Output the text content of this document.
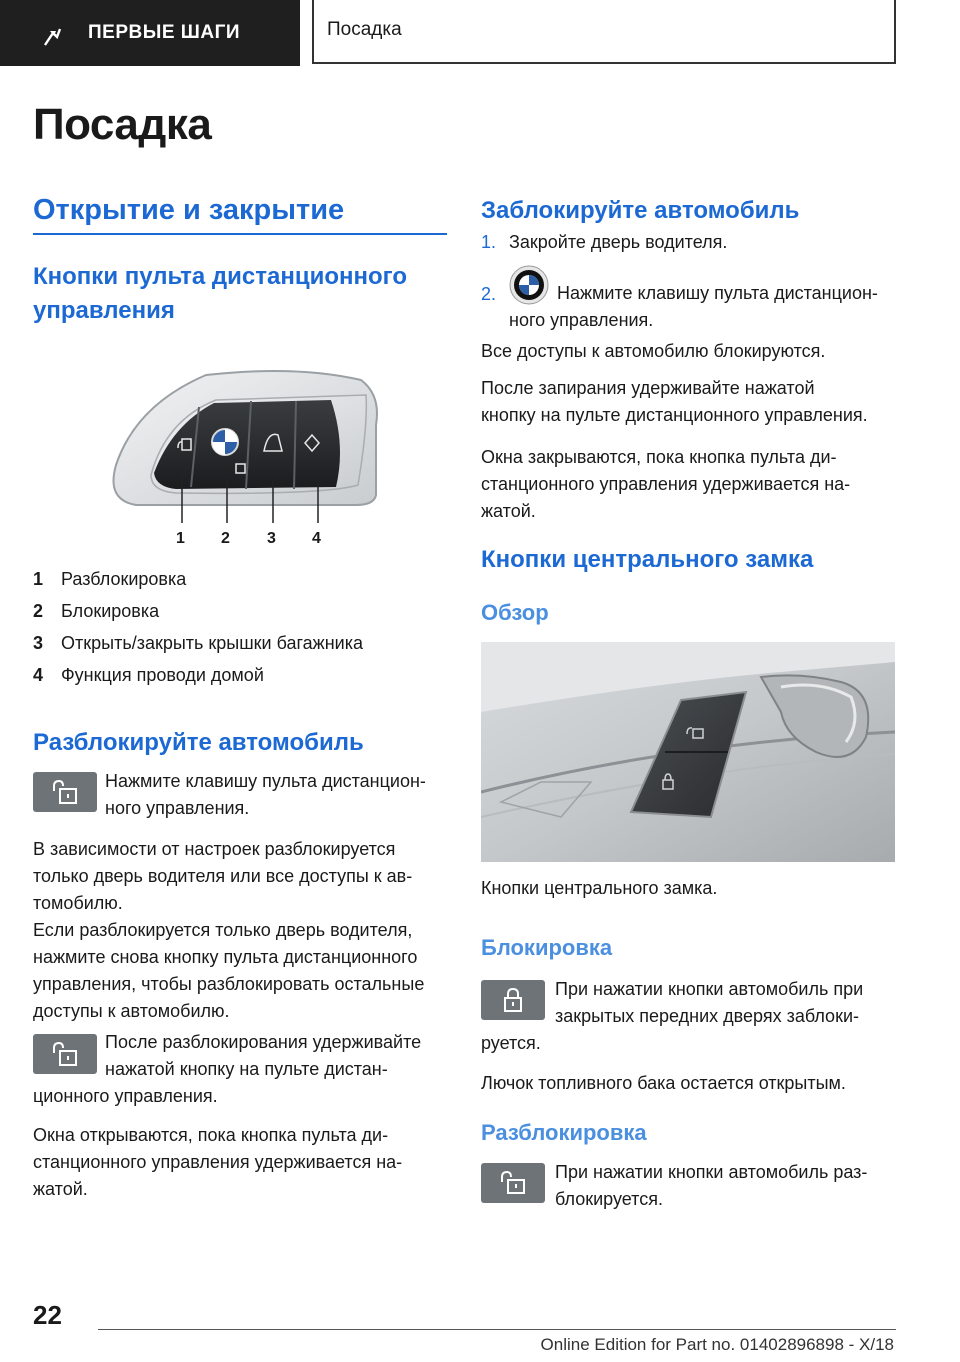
ПЕРВЫЕ ШАГИ	Посадка
Посадка
Открытие и закрытие
Кнопки пульта дистанционного
управления
1 2 3 4
1 Разблокировка
2 Блокировка
3 Открыть/закрыть крышки багажника
4 Функция проводи домой
Разблокируйте автомобиль
Нажмите клавишу пульта дистанцион-
ного управления.
В зависимости от настроек разблокируется
только дверь водителя или все доступы к ав-
томобилю.
Если разблокируется только дверь водителя,
нажмите снова кнопку пульта дистанционного
управления, чтобы разблокировать остальные
доступы к автомобилю.
После разблокирования удерживайте
нажатой кнопку на пульте дистан-
ционного управления.
Окна открываются, пока кнопка пульта ди-
станционного управления удерживается на-
жатой.
Заблокируйте автомобиль
1. Закройте дверь водителя.
2.	Нажмите клавишу пульта дистанцион-
ного управления.
Все доступы к автомобилю блокируются.
После запирания удерживайте нажатой
кнопку на пульте дистанционного управления.
Окна закрываются, пока кнопка пульта ди-
станционного управления удерживается на-
жатой.
Кнопки центрального замка
Обзор
Кнопки центрального замка.
Блокировка
При нажатии кнопки автомобиль при
закрытых передних дверях заблоки-
руется.
Лючок топливного бака остается открытым.
Разблокировка
При нажатии кнопки автомобиль раз-
блокируется.
22
Online Edition for Part no. 01402896898 - X/18
